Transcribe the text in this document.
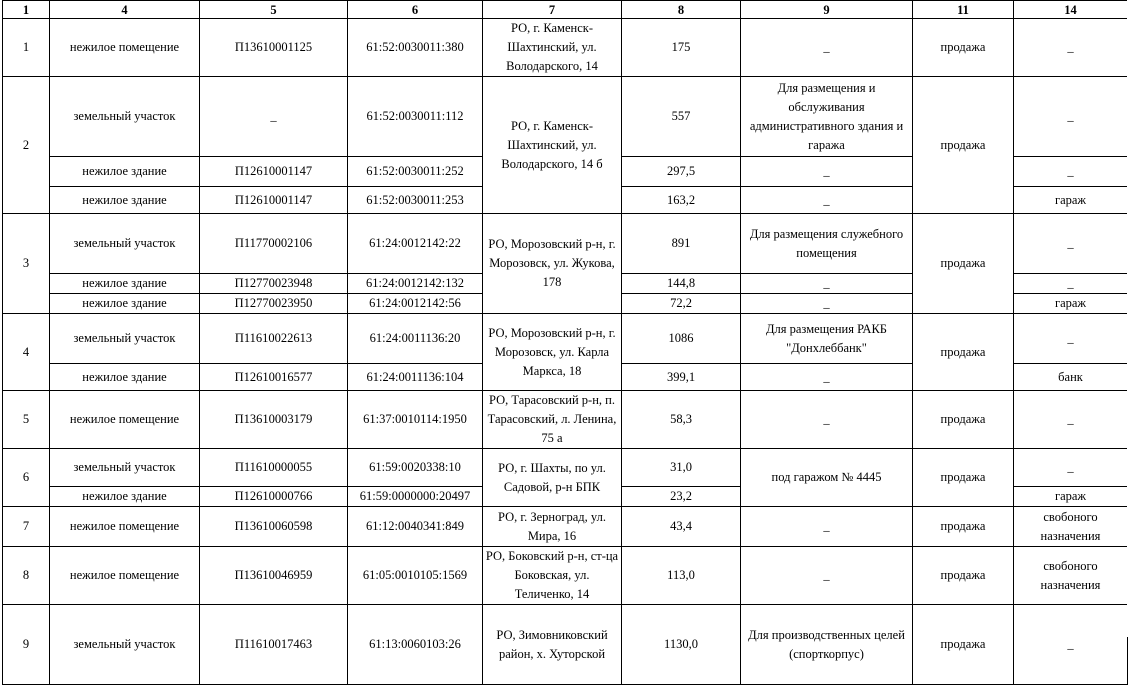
1	4	5	6	7	8	9	11	14
1	нежилое помещение	П13610001125	61:52:0030011:380	РО, г. Каменск-Шахтинский, ул. Володарского, 14	175	_	продажа	_
2	земельный участок	_	61:52:0030011:112	РО, г. Каменск-Шахтинский, ул. Володарского, 14 б	557	Для размещения и обслуживания административного здания и гаража	продажа	_
	нежилое здание	П12610001147	61:52:0030011:252		297,5	_		_
	нежилое здание	П12610001147	61:52:0030011:253		163,2	_		гараж
3	земельный участок	П11770002106	61:24:0012142:22	РО, Морозовский р-н, г. Морозовск, ул. Жукова, 178	891	Для размещения служебного помещения	продажа	_
	нежилое здание	П12770023948	61:24:0012142:132		144,8	_		_
	нежилое здание	П12770023950	61:24:0012142:56		72,2	_		гараж
4	земельный участок	П11610022613	61:24:0011136:20	РО, Морозовский р-н, г. Морозовск, ул. Карла Маркса, 18	1086	Для размещения РАКБ "Донхлеббанк"	продажа	_
	нежилое здание	П12610016577	61:24:0011136:104		399,1	_		банк
5	нежилое помещение	П13610003179	61:37:0010114:1950	РО, Тарасовский р-н, п. Тарасовский, л. Ленина, 75 а	58,3	_	продажа	_
6	земельный участок	П11610000055	61:59:0020338:10	РО, г. Шахты, по ул. Садовой, р-н БПК	31,0	под гаражом № 4445	продажа	_
	нежилое здание	П12610000766	61:59:0000000:20497		23,2			гараж
7	нежилое помещение	П13610060598	61:12:0040341:849	РО, г. Зерноград, ул. Мира, 16	43,4	_	продажа	свобоного назначения
8	нежилое помещение	П13610046959	61:05:0010105:1569	РО, Боковский р-н, ст-ца Боковская, ул. Теличенко, 14	113,0	_	продажа	свобоного назначения
9	земельный участок	П11610017463	61:13:0060103:26	РО, Зимовниковский район, х. Хуторской	1130,0	Для производственных целей (спорткорпус)	продажа	_
